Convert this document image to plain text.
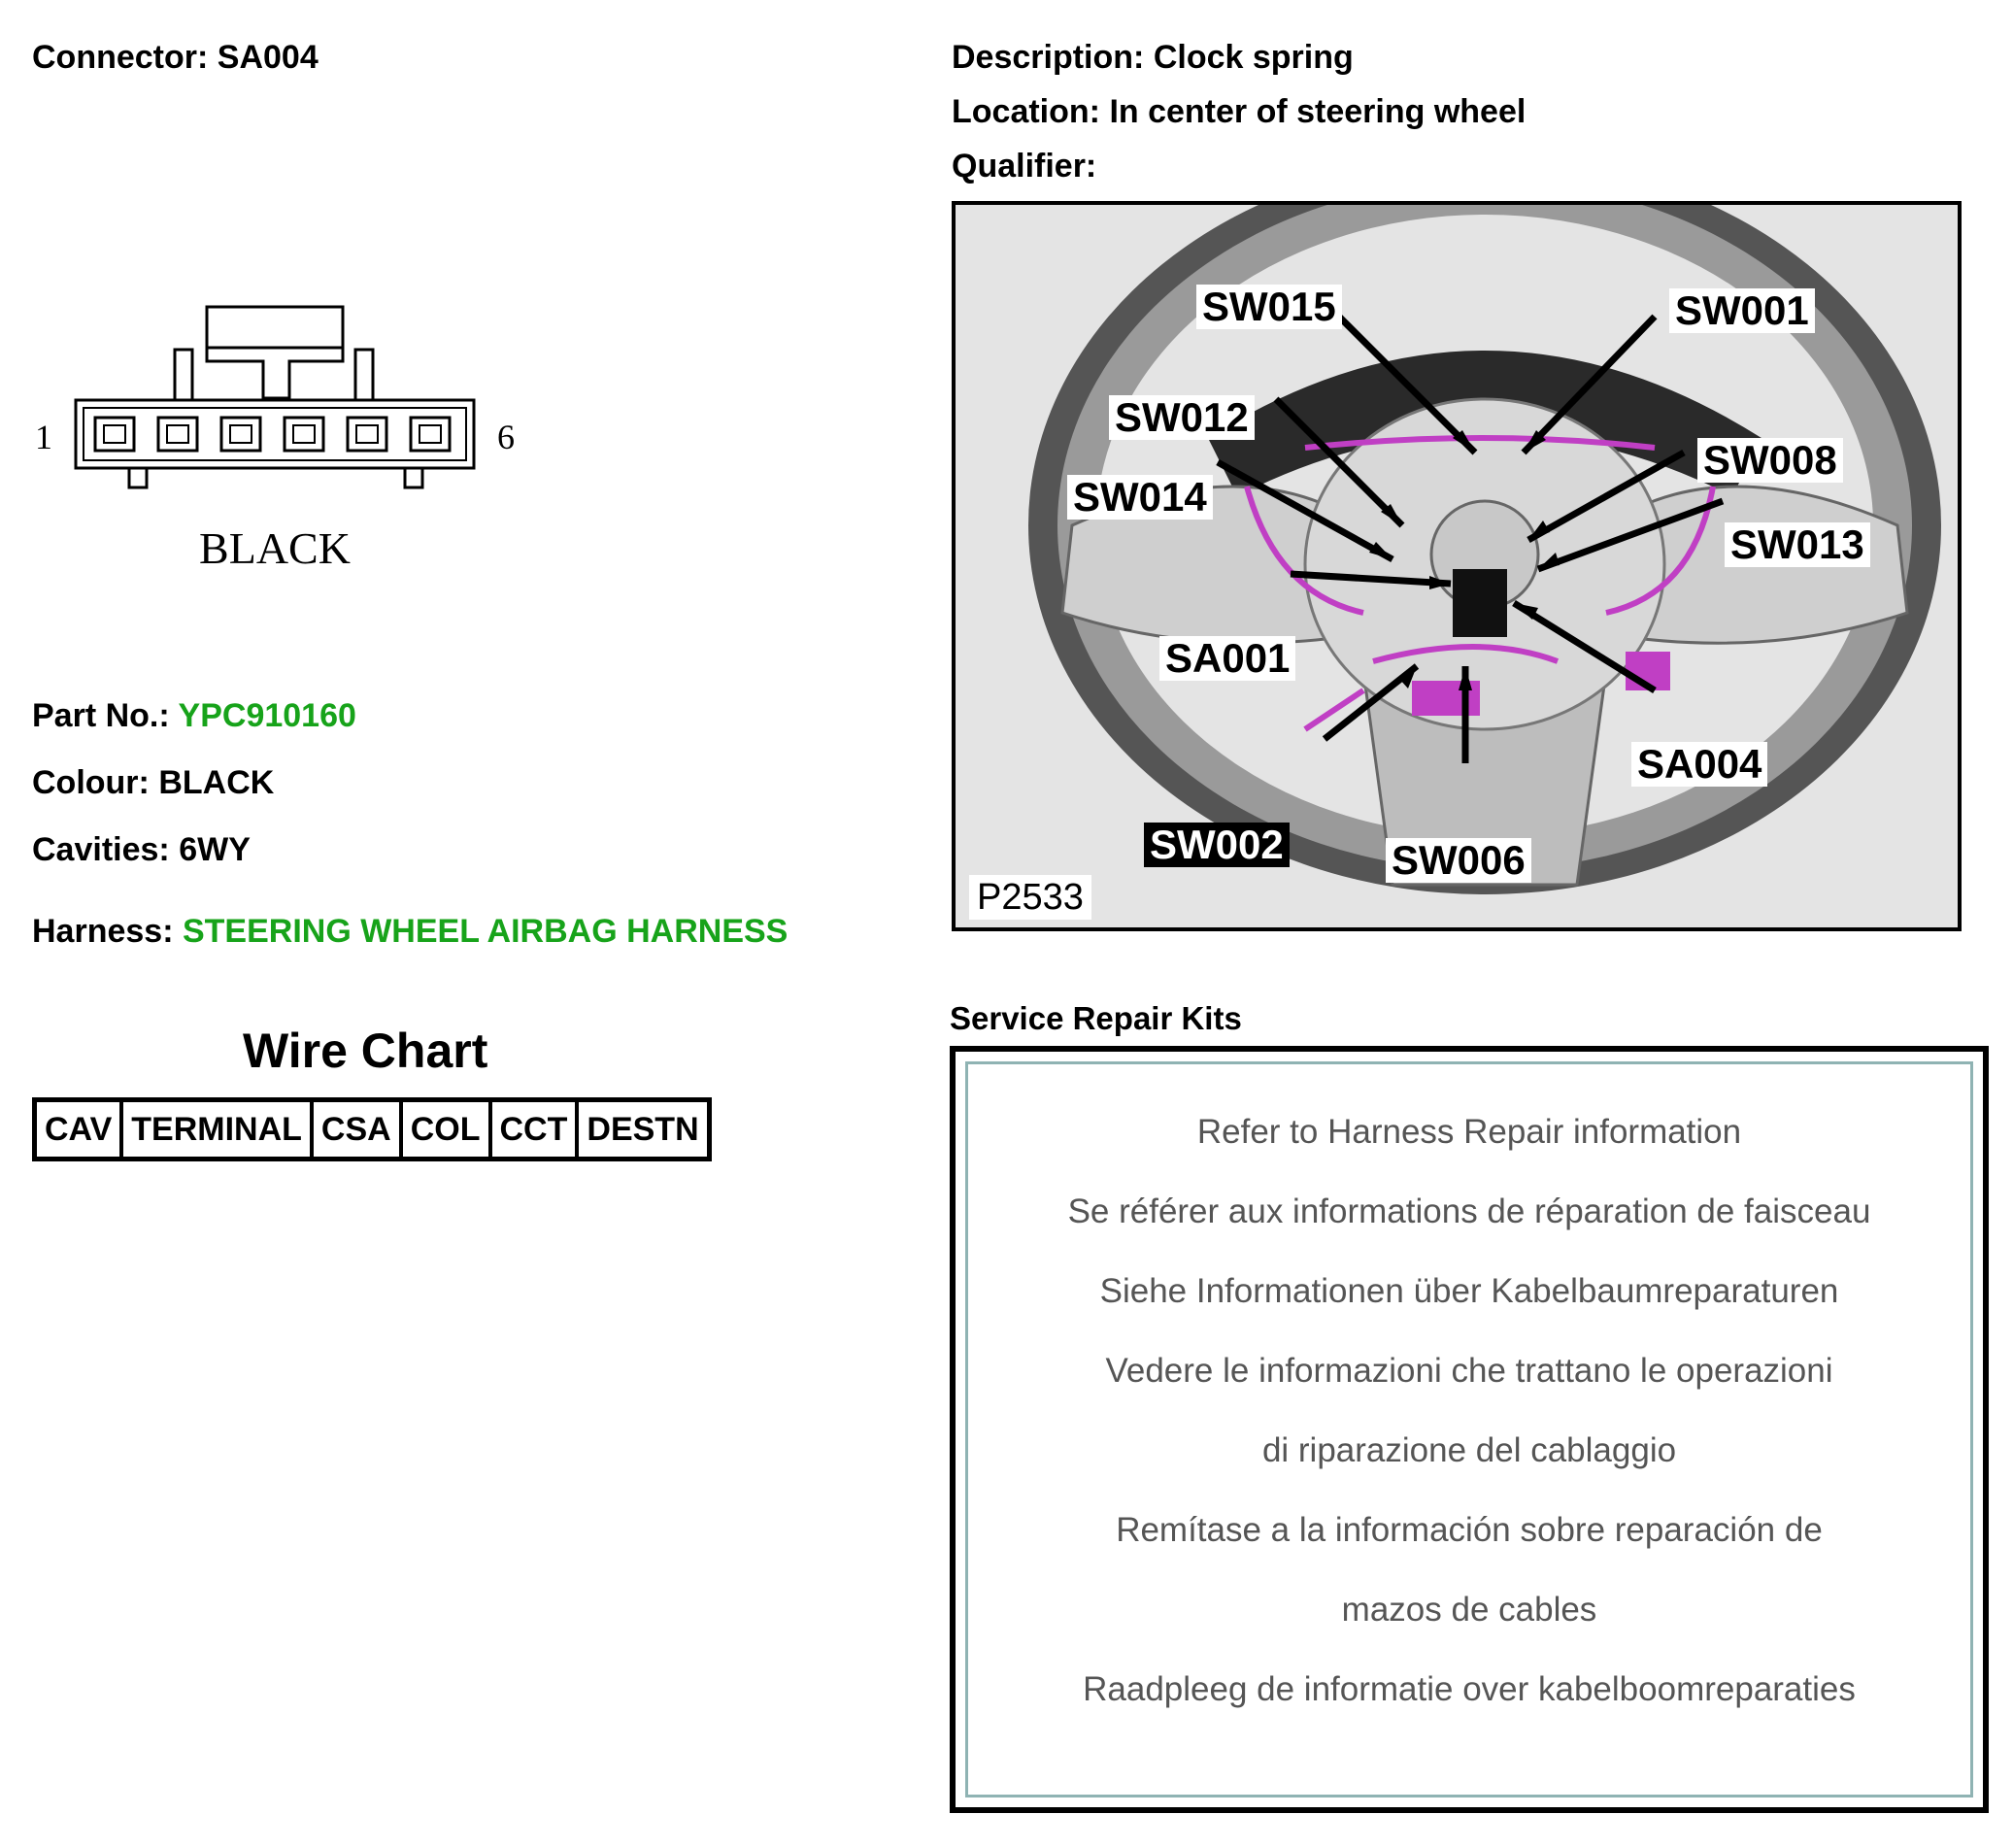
Connector: SA004	Description: Clock spring
Location: In center of steering wheel
Qualifier:
1	6
BLACK
Part No.: YPC910160
Colour: BLACK
Cavities: 6WY
Harness: STEERING WHEEL AIRBAG HARNESS
Wire Chart
CAV	TERMINAL	CSA	COL	CCT	DESTN
SW015	SW001
SW012
SW008
SW014
SW013
SA001
SA004
SW002	SW006
P2533
Service Repair Kits
Refer to Harness Repair information
Se référer aux informations de réparation de faisceau
Siehe Informationen über Kabelbaumreparaturen
Vedere le informazioni che trattano le operazioni
di riparazione del cablaggio
Remítase a la información sobre reparación de
mazos de cables
Raadpleeg de informatie over kabelboomreparaties
